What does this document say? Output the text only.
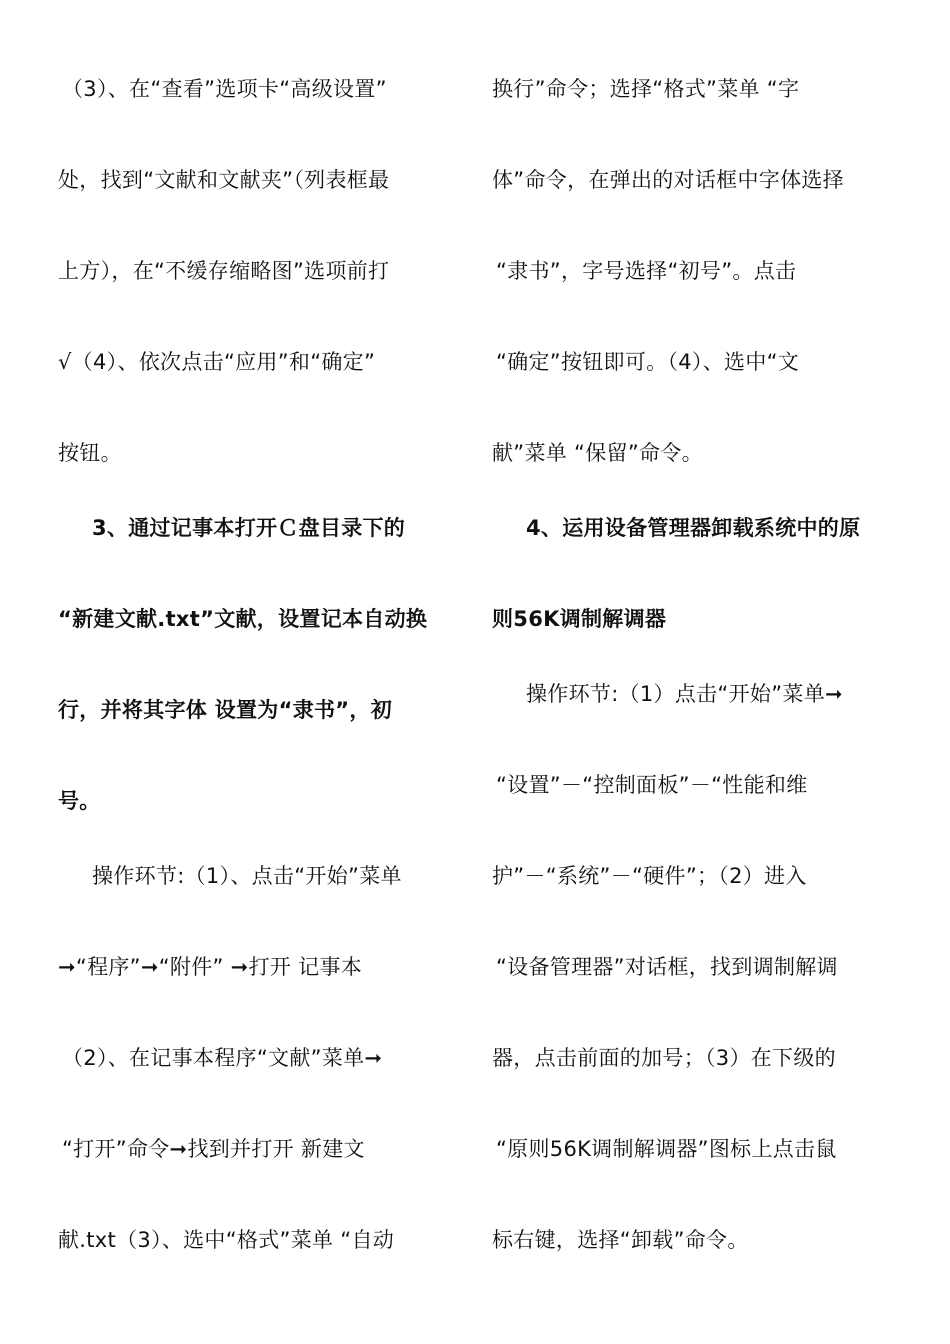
（3）、在“查看”选项卡“高级设置”
处，找到“文献和文献夹”（列表框最
上方），在“不缓存缩略图”选项前打
√（4）、依次点击“应用”和“确定”
按钮。
3、通过记事本打开Ｃ盘目录下的
“新建文献.txt”文献，设置记本自动换
行，并将其字体 设置为“隶书”，初
号。
操作环节:（1）、点击“开始”菜单
➞“程序”➞“附件” ➞打开 记事本
（2）、在记事本程序“文献”菜单➞
“打开”命令➞找到并打开 新建文
献.txt（3）、选中“格式”菜单 “自动
换行”命令；选择“格式”菜单 “字
体”命令，在弹出的对话框中字体选择
“隶书”，字号选择“初号”。点击
“确定”按钮即可。（4）、选中“文
献”菜单 “保留”命令。
4、运用设备管理器卸载系统中的原
则56K调制解调器
操作环节:（1）点击“开始”菜单➞
“设置”－“控制面板”－“性能和维
护”－“系统”－“硬件”；（2）进入
“设备管理器”对话框，找到调制解调
器，点击前面的加号；（3）在下级的
“原则56K调制解调器”图标上点击鼠
标右键，选择“卸载”命令。
